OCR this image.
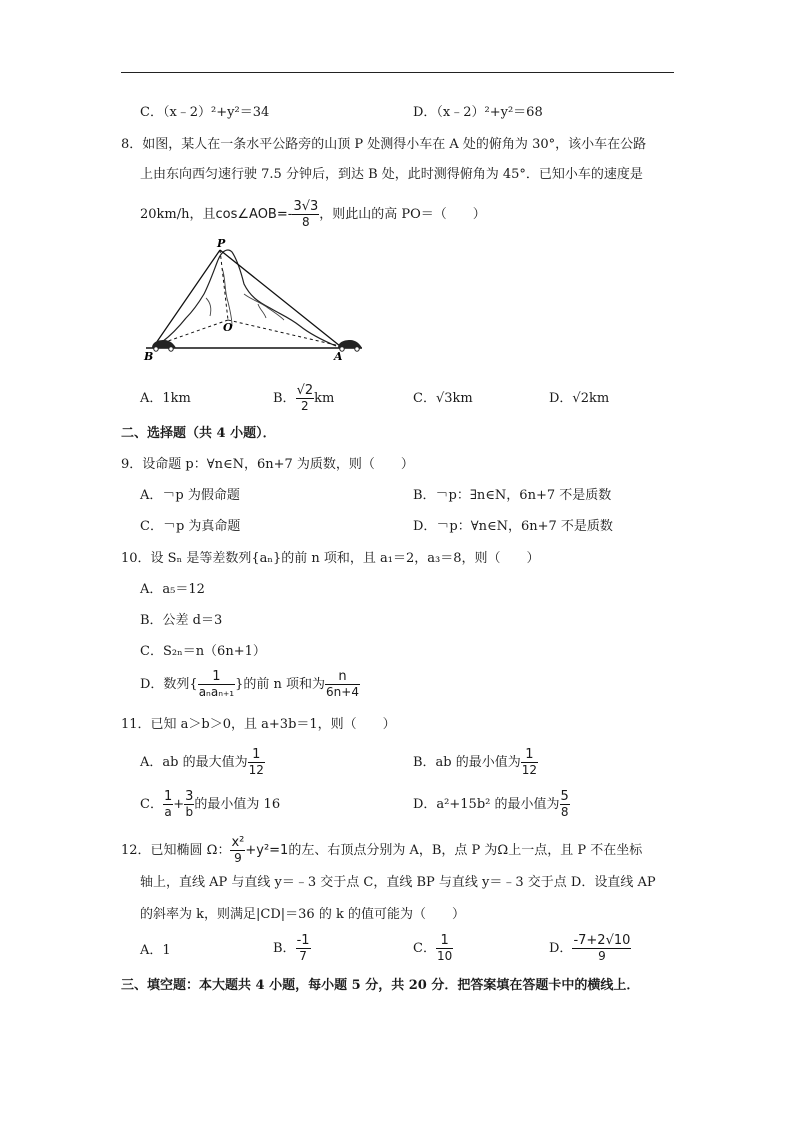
C．（x﹣2）²+y²＝34	D．（x﹣2）²+y²＝68
8．如图，某人在一条水平公路旁的山顶 P 处测得小车在 A 处的俯角为 30°，该小车在公路
上由东向西匀速行驶 7.5 分钟后，到达 B 处，此时测得俯角为 45°．已知小车的速度是
20km/h，且cos∠AOB=- $\frac{3√3}{8}$ ，则此山的高 PO＝（　　）
P
O
A
B
A．1km	B． $\frac{√2}{2}$ km	C．√3km	D．√2km
二、选择题（共 4 小题）．
9．设命题 p：∀n∈N，6n+7 为质数，则（　　）
A．￢p 为假命题	B．￢p：∃n∈N，6n+7 不是质数
C．￢p 为真命题	D．￢p：∀n∈N，6n+7 不是质数
10．设 Sₙ 是等差数列{aₙ}的前 n 项和，且 a₁＝2，a₃＝8，则（　　）
A．a₅＝12
B．公差 d＝3
C．S₂ₙ＝n（6n+1）
D．数列{ $\frac{1}{\text{aₙaₙ₊₁}}$ }的前 n 项和为 $\frac{n}{6n+4}$
11．已知 a＞b＞0，且 a+3b＝1，则（　　）
A．ab 的最大值为 $\frac{1}{12}$	B．ab 的最小值为 $\frac{1}{12}$
C． $\frac{1}{a} + \frac{3}{b}$ 的最小值为 16	D．a²+15b² 的最小值为 $\frac{5}{8}$
12．已知椭圆 Ω： $\frac{\text{x²}}{9} +y^2=1$的左、右顶点分别为 A，B，点 P 为Ω上一点，且 P 不在坐标
轴上，直线 AP 与直线 y＝﹣3 交于点 C，直线 BP 与直线 y＝﹣3 交于点 D．设直线 AP
的斜率为 k，则满足|CD|＝36 的 k 的值可能为（　　）
A．1	B． $\frac{-1}{7}$	C． $\frac{1}{10}$	D． $\frac{-7+2√10}{9}$
三、填空题：本大题共 4 小题，每小题 5 分，共 20 分．把答案填在答题卡中的横线上．
